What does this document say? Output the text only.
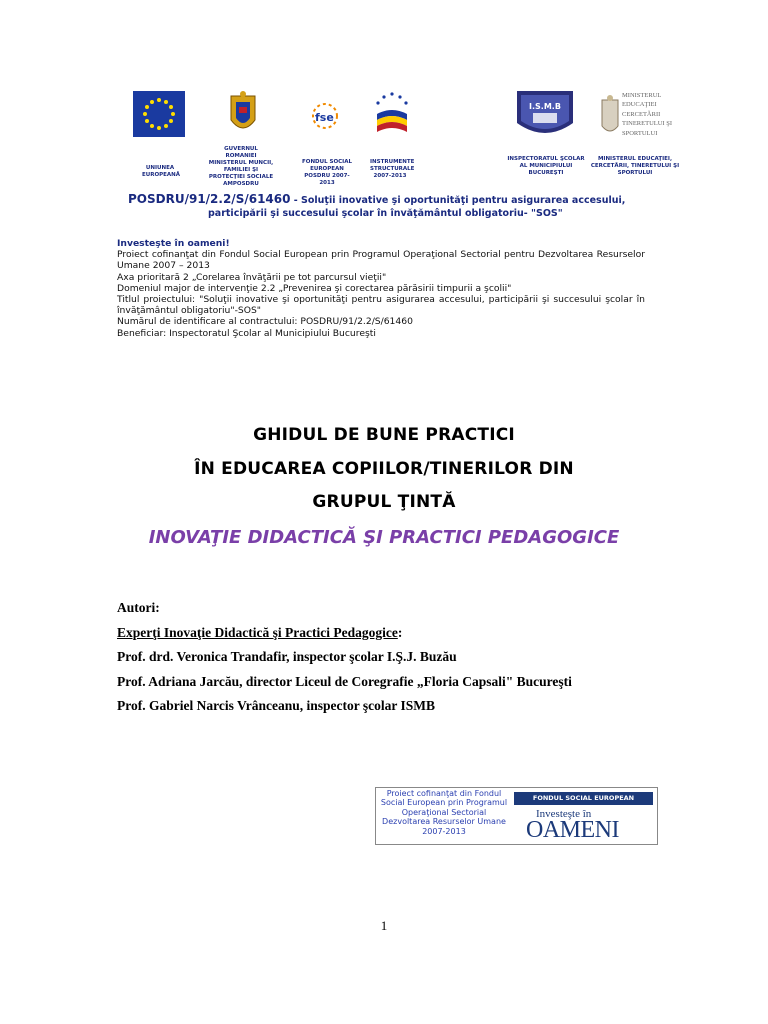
UNIUNEA EUROPEANĂ
GUVERNUL ROMANIEI MINISTERUL MUNCII, FAMILIEI ŞI PROTECŢIEI SOCIALE AMPOSDRU
fse
FONDUL SOCIAL EUROPEAN POSDRU 2007-2013
INSTRUMENTE STRUCTURALE 2007-2013
I.S.M.B
INSPECTORATUL ŞCOLAR AL MUNICIPIULUI BUCUREŞTI
MINISTERUL EDUCAŢIEI CERCETĂRII TINERETULUI ŞI SPORTULUI
MINISTERUL EDUCAŢIEI, CERCETĂRII, TINERETULUI ŞI SPORTULUI
POSDRU/91/2.2/S/61460 - Soluţii inovative şi oportunităţi pentru asigurarea accesului,
participării şi succesului şcolar în învăţământul obligatoriu- "SOS"
Investeşte în oameni!
Proiect cofinanţat din Fondul Social European prin Programul Operaţional Sectorial pentru Dezvoltarea Resurselor Umane 2007 – 2013
Axa prioritară 2 „Corelarea învăţării pe tot parcursul vieţii"
Domeniul major de intervenţie 2.2 „Prevenirea şi corectarea părăsirii timpurii a şcolii"
Titlul proiectului: "Soluţii inovative şi oportunităţi pentru asigurarea accesului, participării şi succesului şcolar în învăţământul obligatoriu"-SOS"
Numărul de identificare al contractului: POSDRU/91/2.2/S/61460
Beneficiar: Inspectoratul Şcolar al Municipiului Bucureşti
GHIDUL DE BUNE PRACTICI
ÎN EDUCAREA COPIILOR/TINERILOR DIN
GRUPUL ŢINTĂ
INOVAŢIE DIDACTICĂ ŞI PRACTICI PEDAGOGICE
Autori:
Experţi Inovaţie Didactică şi Practici Pedagogice:
Prof. drd. Veronica Trandafir, inspector şcolar I.Ş.J. Buzău
Prof. Adriana Jarcău, director Liceul de Coregrafie „Floria Capsali" Bucureşti
Prof. Gabriel Narcis Vrânceanu, inspector şcolar ISMB
Proiect cofinanţat din Fondul Social European prin Programul Operaţional Sectorial Dezvoltarea Resurselor Umane 2007-2013
FONDUL SOCIAL EUROPEAN
Investeşte în
OAMENI
1
